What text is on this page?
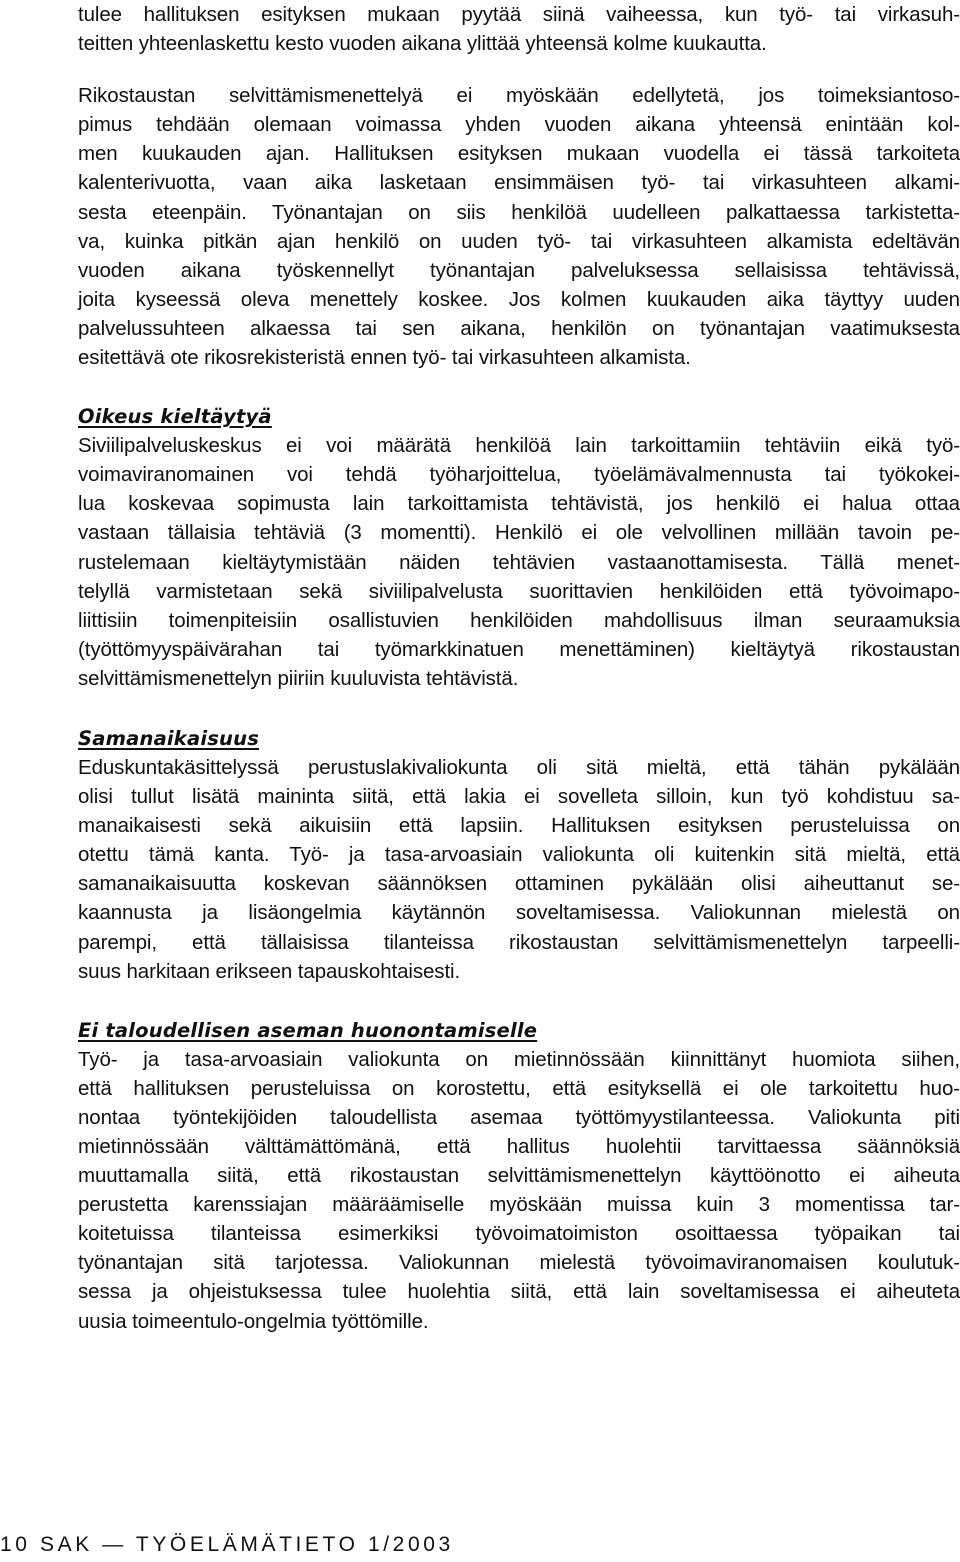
tulee hallituksen esityksen mukaan pyytää siinä vaiheessa, kun työ- tai virkasuh-
teitten yhteenlaskettu kesto vuoden aikana ylittää yhteensä kolme kuukautta.

Rikostaustan selvittämismenettelyä ei myöskään edellytetä, jos toimeksiantoso-
pimus tehdään olemaan voimassa yhden vuoden aikana yhteensä enintään kol-
men kuukauden ajan. Hallituksen esityksen mukaan vuodella ei tässä tarkoiteta
kalenterivuotta, vaan aika lasketaan ensimmäisen työ- tai virkasuhteen alkami-
sesta eteenpäin. Työnantajan on siis henkilöä uudelleen palkattaessa tarkistetta-
va, kuinka pitkän ajan henkilö on uuden työ- tai virkasuhteen alkamista edeltävän
vuoden aikana työskennellyt työnantajan palveluksessa sellaisissa tehtävissä,
joita kyseessä oleva menettely koskee. Jos kolmen kuukauden aika täyttyy uuden
palvelussuhteen alkaessa tai sen aikana, henkilön on työnantajan vaatimuksesta
esitettävä ote rikosrekisteristä ennen työ- tai virkasuhteen alkamista.

Oikeus kieltäytyä

Siviilipalveluskeskus ei voi määrätä henkilöä lain tarkoittamiin tehtäviin eikä työ-
voimaviranomainen voi tehdä työharjoittelua, työelämävalmennusta tai työkokei-
lua koskevaa sopimusta lain tarkoittamista tehtävistä, jos henkilö ei halua ottaa
vastaan tällaisia tehtäviä (3 momentti). Henkilö ei ole velvollinen millään tavoin pe-
rustelemaan kieltäytymistään näiden tehtävien vastaanottamisesta. Tällä menet-
telyllä varmistetaan sekä siviilipalvelusta suorittavien henkilöiden että työvoimapo-
liittisiin toimenpiteisiin osallistuvien henkilöiden mahdollisuus ilman seuraamuksia
(työttömyyspäivärahan tai työmarkkinatuen menettäminen) kieltäytyä rikostaustan
selvittämismenettelyn piiriin kuuluvista tehtävistä.

Samanaikaisuus

Eduskuntakäsittelyssä perustuslakivaliokunta oli sitä mieltä, että tähän pykälään
olisi tullut lisätä maininta siitä, että lakia ei sovelleta silloin, kun työ kohdistuu sa-
manaikaisesti sekä aikuisiin että lapsiin. Hallituksen esityksen perusteluissa on
otettu tämä kanta. Työ- ja tasa-arvoasiain valiokunta oli kuitenkin sitä mieltä, että
samanaikaisuutta koskevan säännöksen ottaminen pykälään olisi aiheuttanut se-
kaannusta ja lisäongelmia käytännön soveltamisessa. Valiokunnan mielestä on
parempi, että tällaisissa tilanteissa rikostaustan selvittämismenettelyn tarpeelli-
suus harkitaan erikseen tapauskohtaisesti.

Ei taloudellisen aseman huonontamiselle

Työ- ja tasa-arvoasiain valiokunta on mietinnössään kiinnittänyt huomiota siihen,
että hallituksen perusteluissa on korostettu, että esityksellä ei ole tarkoitettu huo-
nontaa työntekijöiden taloudellista asemaa työttömyystilanteessa. Valiokunta piti
mietinnössään välttämättömänä, että hallitus huolehtii tarvittaessa säännöksiä
muuttamalla siitä, että rikostaustan selvittämismenettelyn käyttöönotto ei aiheuta
perustetta karenssiajan määräämiselle myöskään muissa kuin 3 momentissa tar-
koitetuissa tilanteissa esimerkiksi työvoimatoimiston osoittaessa työpaikan tai
työnantajan sitä tarjotessa. Valiokunnan mielestä työvoimaviranomaisen koulutuk-
sessa ja ohjeistuksessa tulee huolehtia siitä, että lain soveltamisessa ei aiheuteta
uusia toimeentulo-ongelmia työttömille.

10 SAK — TYÖELÄMÄTIETO 1/2003
